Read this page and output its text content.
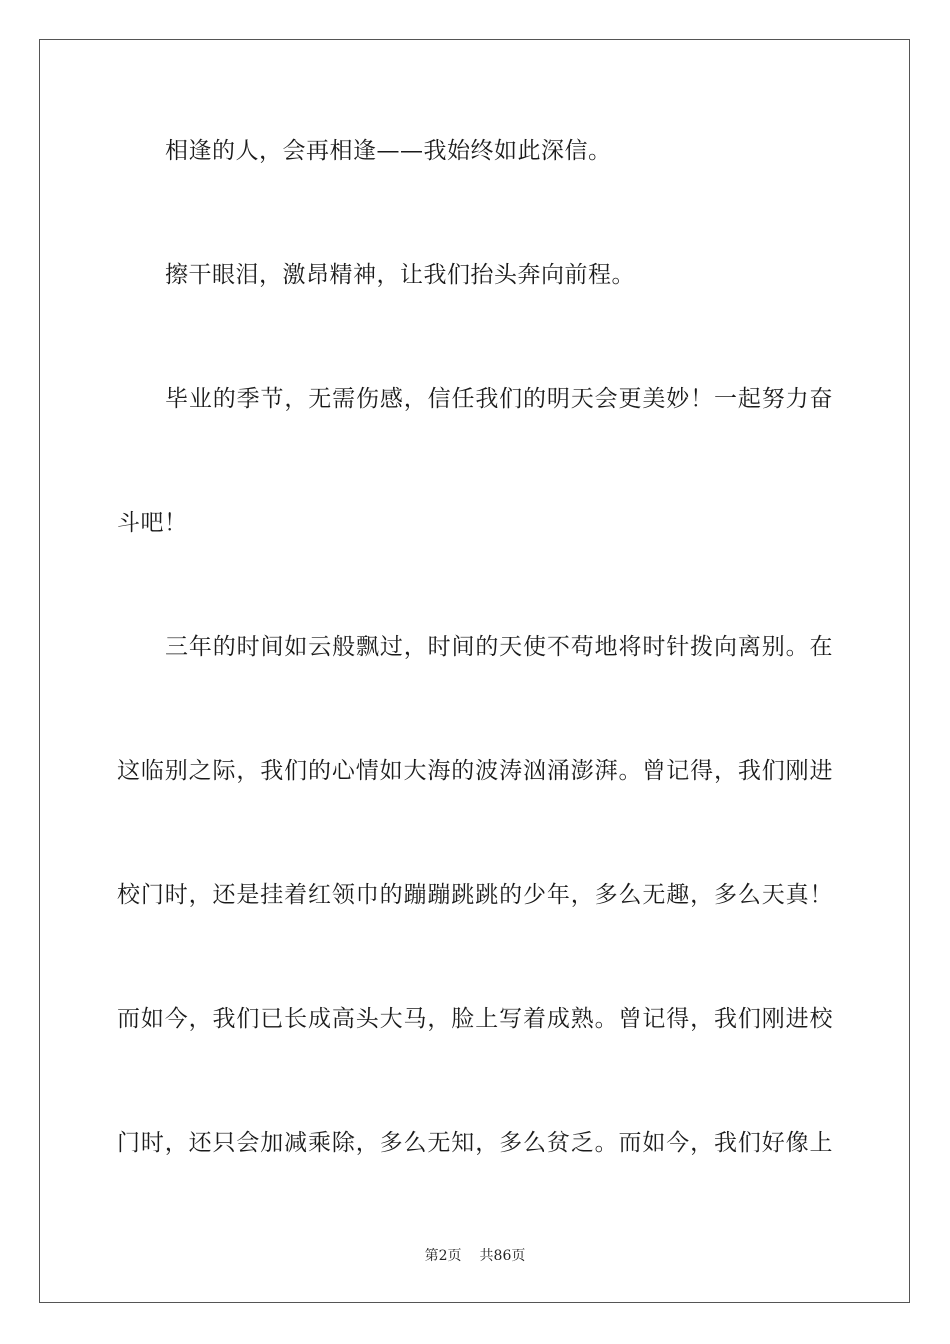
相逢的人，会再相逢——我始终如此深信。
擦干眼泪，激昂精神，让我们抬头奔向前程。
毕业的季节，无需伤感，信任我们的明天会更美妙！一起努力奋
斗吧！
三年的时间如云般飘过，时间的天使不苟地将时针拨向离别。在
这临别之际，我们的心情如大海的波涛汹涌澎湃。曾记得，我们刚进
校门时，还是挂着红领巾的蹦蹦跳跳的少年，多么无趣，多么天真！
而如今，我们已长成高头大马，脸上写着成熟。曾记得，我们刚进校
门时，还只会加减乘除，多么无知，多么贫乏。而如今，我们好像上
第2页 共86页
